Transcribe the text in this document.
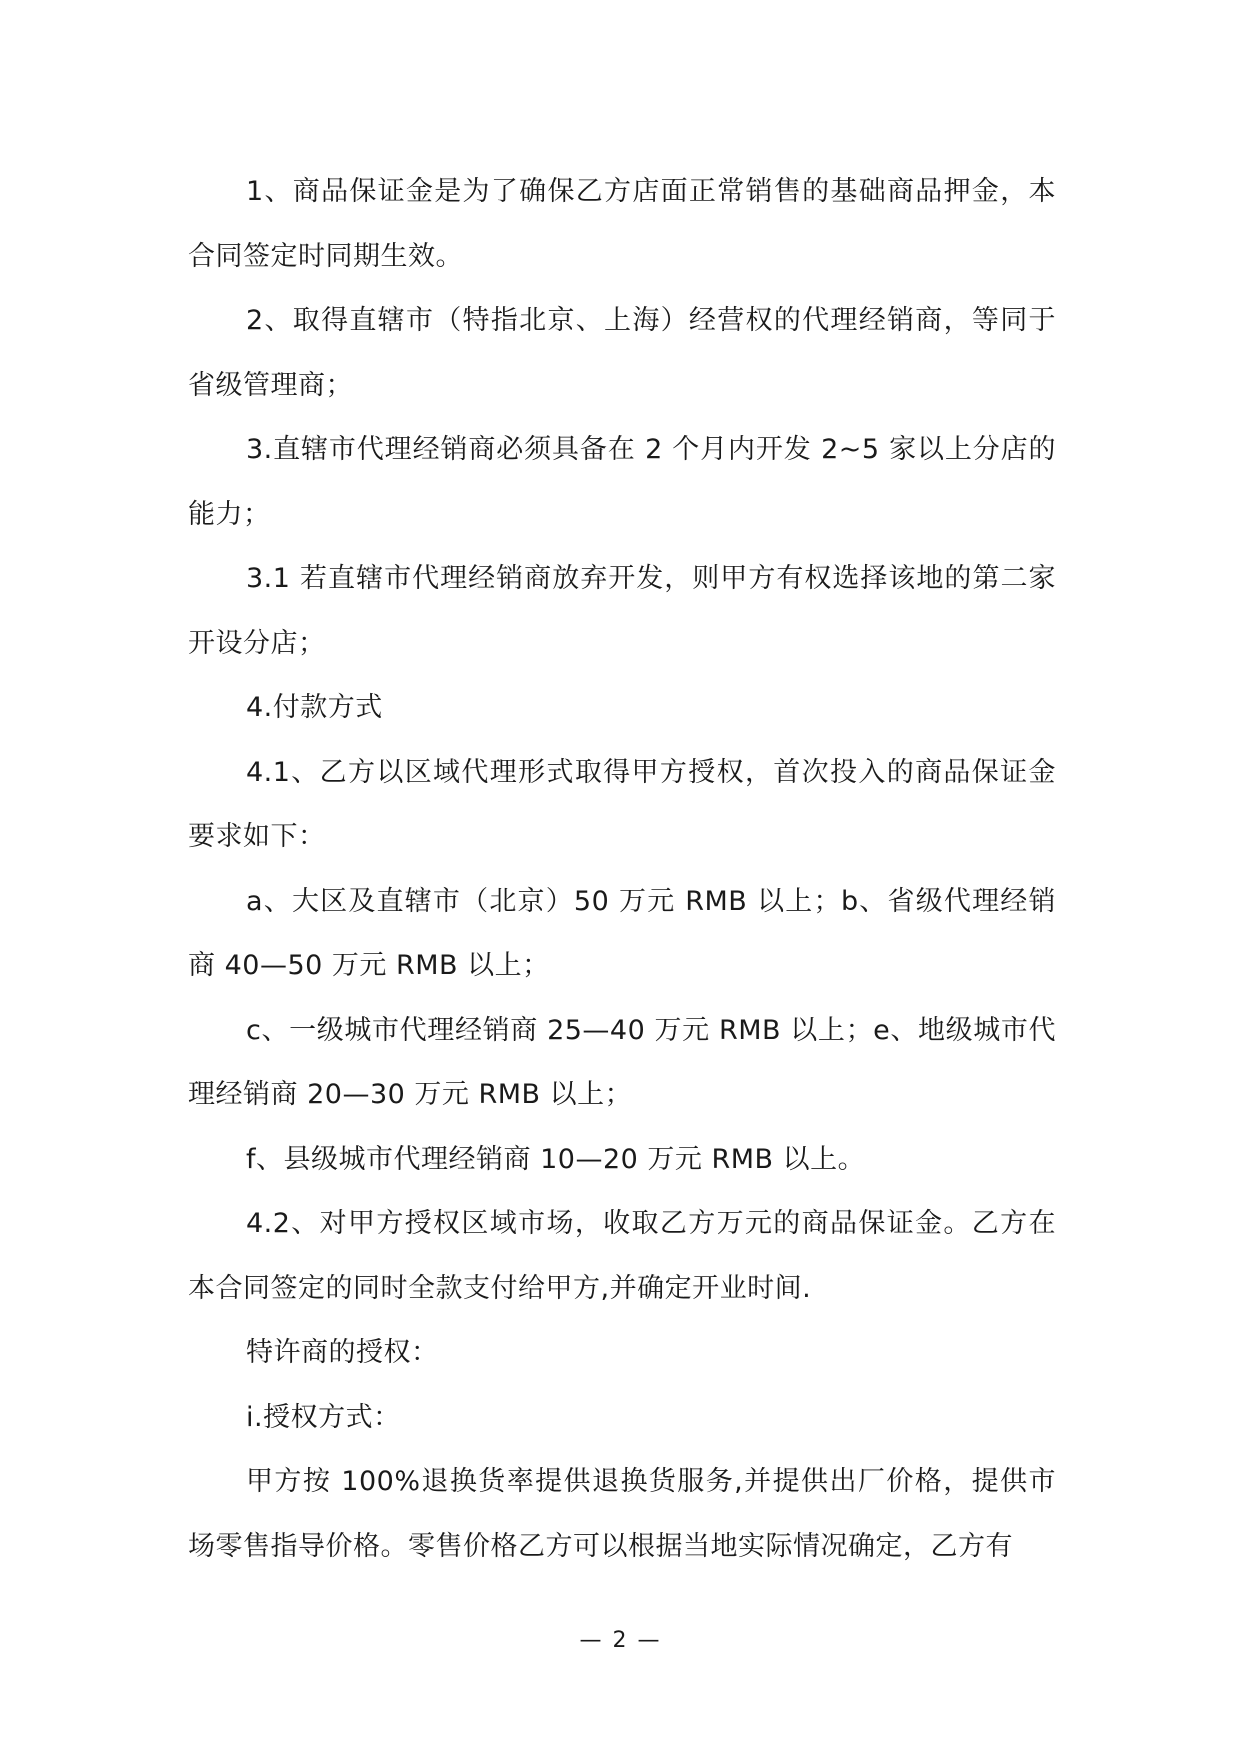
1、商品保证金是为了确保乙方店面正常销售的基础商品押金，本合同签定时同期生效。

2、取得直辖市（特指北京、上海）经营权的代理经销商，等同于省级管理商；

3.直辖市代理经销商必须具备在 2 个月内开发 2~5 家以上分店的能力；

3.1 若直辖市代理经销商放弃开发，则甲方有权选择该地的第二家开设分店；

4.付款方式

4.1、乙方以区域代理形式取得甲方授权，首次投入的商品保证金要求如下：

a、大区及直辖市（北京）50 万元 RMB 以上；b、省级代理经销商 40—50 万元 RMB 以上；

c、一级城市代理经销商 25—40 万元 RMB 以上；e、地级城市代理经销商 20—30 万元 RMB 以上；

f、县级城市代理经销商 10—20 万元 RMB 以上。

4.2、对甲方授权区域市场，收取乙方万元的商品保证金。乙方在本合同签定的同时全款支付给甲方,并确定开业时间.

特许商的授权：

i.授权方式：

甲方按 100%退换货率提供退换货服务,并提供出厂价格，提供市场零售指导价格。零售价格乙方可以根据当地实际情况确定，乙方有

— 2 —
